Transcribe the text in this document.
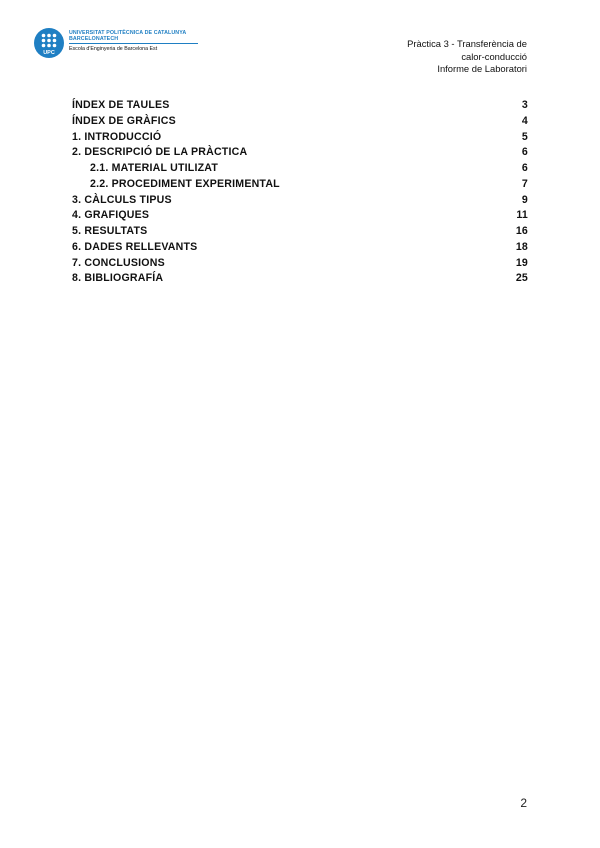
UPC
UNIVERSITAT POLITÈCNICA DE CATALUNYA
BARCELONATECH
Escola d'Enginyeria de Barcelona Est
Pràctica 3 - Transferència de
calor-conducció
Informe de Laboratori
ÍNDEX DE TAULES	3
ÍNDEX DE GRÀFICS	4
1. INTRODUCCIÓ	5
2. DESCRIPCIÓ DE LA PRÀCTICA	6
2.1. MATERIAL UTILIZAT	6
2.2. PROCEDIMENT EXPERIMENTAL	7
3. CÀLCULS TIPUS	9
4. GRAFIQUES	11
5. RESULTATS	16
6. DADES RELLEVANTS	18
7. CONCLUSIONS	19
8. BIBLIOGRAFÍA	25
2
